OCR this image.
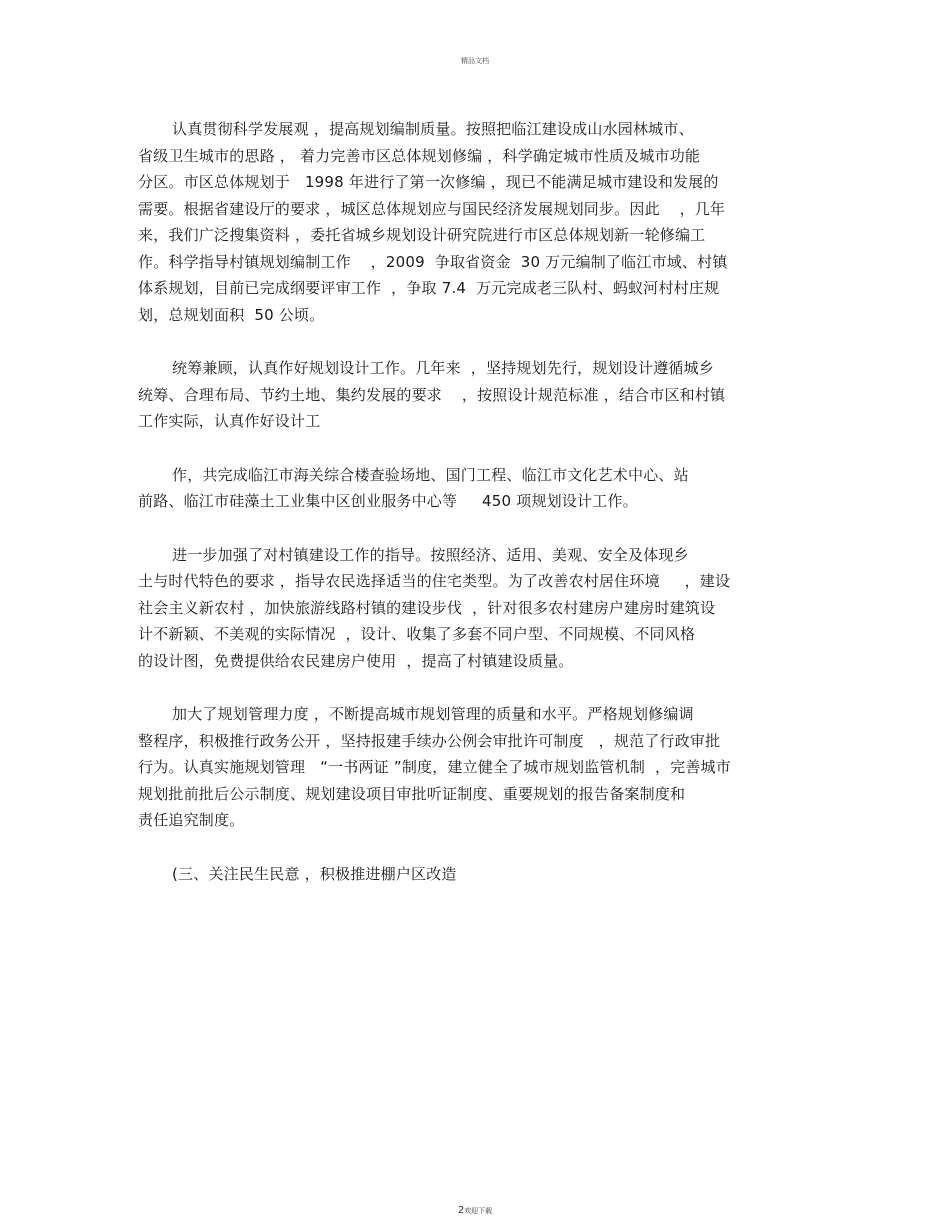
精品文档
认真贯彻科学发展观 ，提高规划编制质量。按照把临江建设成山水园林城市、
省级卫生城市的思路 ， 着力完善市区总体规划修编 ，科学确定城市性质及城市功能
分区。市区总体规划于   1998 年进行了第一次修编 ，现已不能满足城市建设和发展的
需要。根据省建设厅的要求 ，城区总体规划应与国民经济发展规划同步。因此    ，几年
来，我们广泛搜集资料 ，委托省城乡规划设计研究院进行市区总体规划新一轮修编工
作。科学指导村镇规划编制工作    ，2009  争取省资金  30 万元编制了临江市域、村镇
体系规划，目前已完成纲要评审工作  ，争取 7.4  万元完成老三队村、蚂蚁河村村庄规
划，总规划面积  50 公顷。
统筹兼顾，认真作好规划设计工作。几年来  ，坚持规划先行，规划设计遵循城乡
统筹、合理布局、节约土地、集约发展的要求    ，按照设计规范标准 ，结合市区和村镇
工作实际，认真作好设计工
作，共完成临江市海关综合楼查验场地、国门工程、临江市文化艺术中心、站
前路、临江市硅藻土工业集中区创业服务中心等     450 项规划设计工作。
进一步加强了对村镇建设工作的指导。按照经济、适用、美观、安全及体现乡
土与时代特色的要求 ，指导农民选择适当的住宅类型。为了改善农村居住环境     ，建设
社会主义新农村 ，加快旅游线路村镇的建设步伐  ，针对很多农村建房户建房时建筑设
计不新颖、不美观的实际情况  ，设计、收集了多套不同户型、不同规模、不同风格
的设计图，免费提供给农民建房户使用  ，提高了村镇建设质量。
加大了规划管理力度 ，不断提高城市规划管理的质量和水平。严格规划修编调
整程序，积极推行政务公开 ，坚持报建手续办公例会审批许可制度   ，规范了行政审批
行为。认真实施规划管理   “一书两证 ”制度，建立健全了城市规划监管机制  ，完善城市
规划批前批后公示制度、规划建设项目审批听证制度、重要规划的报告备案制度和
责任追究制度。
(三、关注民生民意 ，积极推进棚户区改造
2欢迎下载
